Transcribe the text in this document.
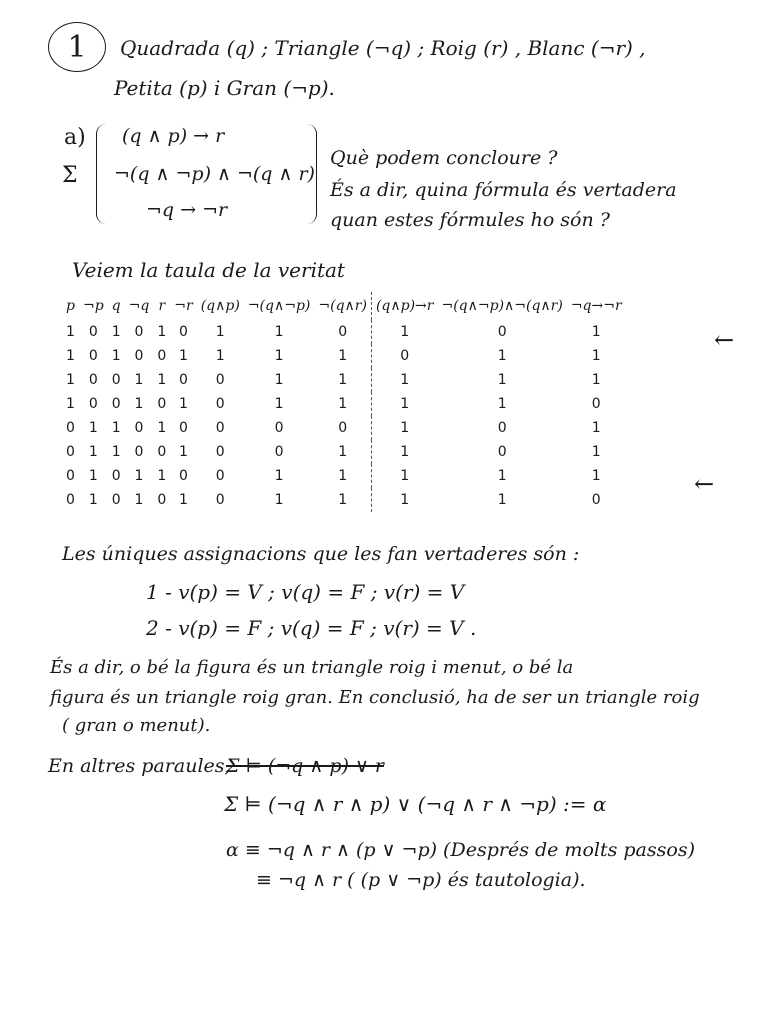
1	Quadrada (q) ; Triangle (¬q) ; Roig (r) , Blanc (¬r) ,
Petita (p) i Gran (¬p).
a)
Σ
(q ∧ p) → r
¬(q ∧ ¬p) ∧ ¬(q ∧ r)
¬q → ¬r
Què podem concloure ?
És a dir, quina fórmula és vertadera
quan estes fórmules ho són ?
Veiem la taula de la veritat
p	¬p	q	¬q	r	¬r	(q∧p)	¬(q∧¬p)	¬(q∧r)	(q∧p)→r	¬(q∧¬p)∧¬(q∧r)	¬q→¬r
1	0	1	0	1	0	1	1	0	1	0	1
1	0	1	0	0	1	1	1	1	0	1	1
1	0	0	1	1	0	0	1	1	1	1	1
1	0	0	1	0	1	0	1	1	1	1	0
0	1	1	0	1	0	0	0	0	1	0	1
0	1	1	0	0	1	0	0	1	1	0	1
0	1	0	1	1	0	0	1	1	1	1	1
0	1	0	1	0	1	0	1	1	1	1	0
←
←
Les úniques assignacions que les fan vertaderes són :
1 - v(p) = V ; v(q) = F ; v(r) = V
2 - v(p) = F ; v(q) = F ; v(r) = V .
És a dir, o bé la figura és un triangle roig i menut, o bé la
figura és un triangle roig gran. En conclusió, ha de ser un triangle roig
( gran o menut).
En altres paraules,
Σ ⊨ (¬q ∧ p) ∨ r
Σ ⊨ (¬q ∧ r ∧ p) ∨ (¬q ∧ r ∧ ¬p) := α
α ≡ ¬q ∧ r ∧ (p ∨ ¬p) (Després de molts passos)
≡ ¬q ∧ r ( (p ∨ ¬p) és tautologia).
